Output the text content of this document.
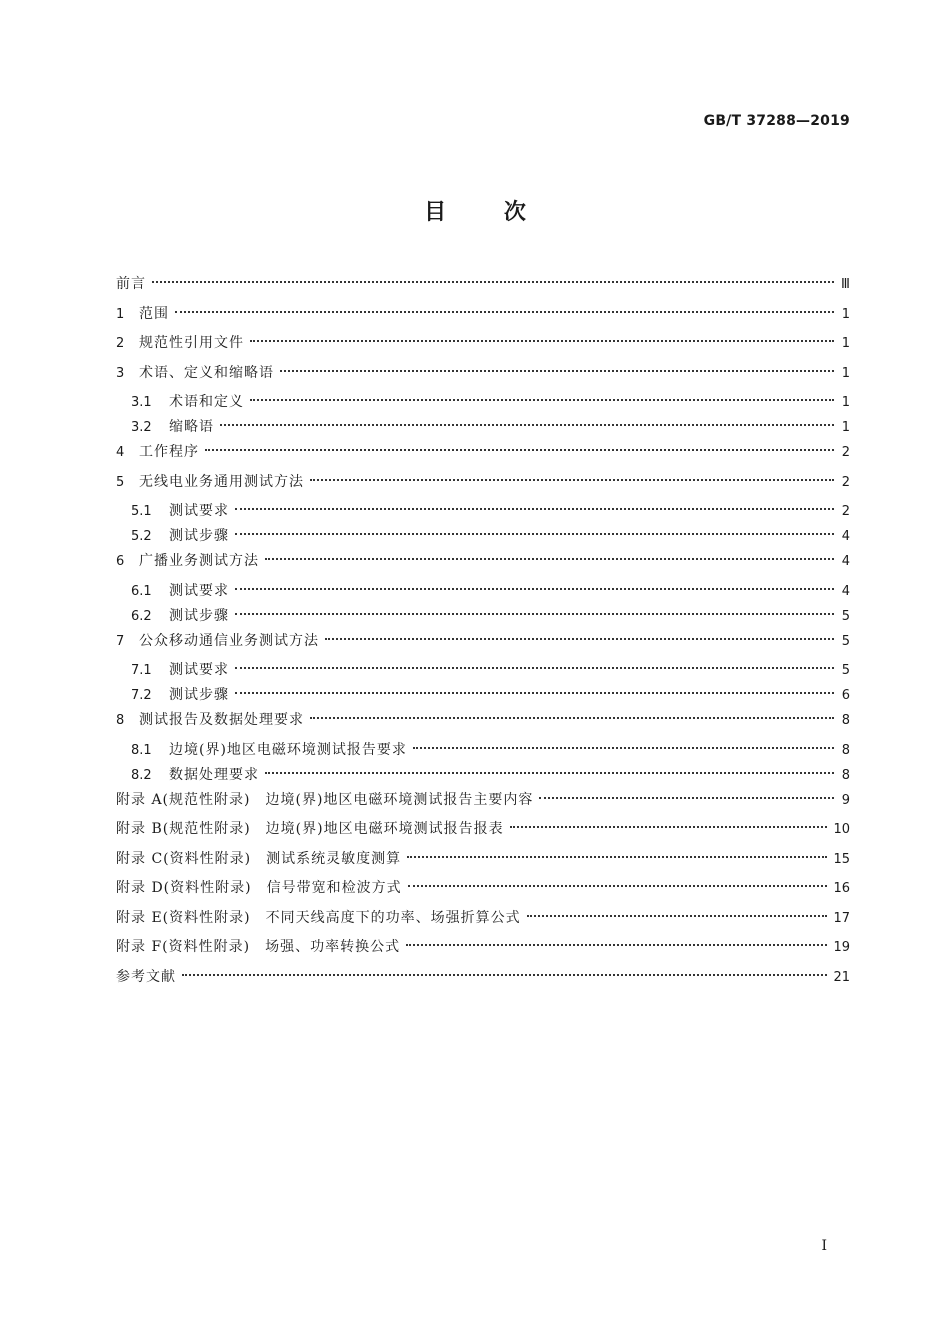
GB/T 37288—2019
目 次
前言	Ⅲ
1	范围	1
2	规范性引用文件	1
3	术语、定义和缩略语	1
3.1	术语和定义	1
3.2	缩略语	1
4	工作程序	2
5	无线电业务通用测试方法	2
5.1	测试要求	2
5.2	测试步骤	4
6	广播业务测试方法	4
6.1	测试要求	4
6.2	测试步骤	5
7	公众移动通信业务测试方法	5
7.1	测试要求	5
7.2	测试步骤	6
8	测试报告及数据处理要求	8
8.1	边境(界)地区电磁环境测试报告要求	8
8.2	数据处理要求	8
附录 A(规范性附录)　边境(界)地区电磁环境测试报告主要内容	9
附录 B(规范性附录)　边境(界)地区电磁环境测试报告报表	10
附录 C(资料性附录)　测试系统灵敏度测算	15
附录 D(资料性附录)　信号带宽和检波方式	16
附录 E(资料性附录)　不同天线高度下的功率、场强折算公式	17
附录 F(资料性附录)　场强、功率转换公式	19
参考文献	21
Ⅰ
